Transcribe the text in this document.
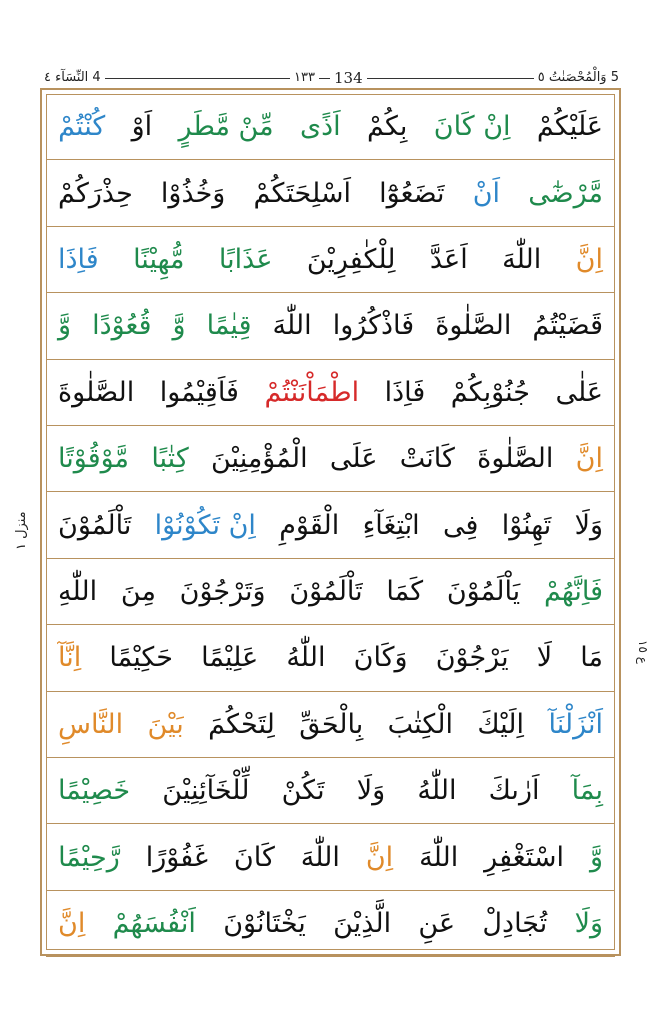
5 وَالْمُحْصَنٰتُ ٥
١٣٣ 134
4 النِّسَآء ٤
منزل ١
ع ١٥
عَلَيْكُمْ
اِنْ كَانَ
بِكُمْ
اَذًى
مِّنْ مَّطَرٍ
اَوْ
كُنْتُمْ
مَّرْضٰٓى
اَنْ
تَضَعُوْٓا
اَسْلِحَتَكُمْ
وَخُذُوْا
حِذْرَكُمْ
اِنَّ
اللّٰهَ
اَعَدَّ
لِلْكٰفِرِيْنَ
عَذَابًا
مُّهِيْنًا
فَاِذَا
قَضَيْتُمُ
الصَّلٰوةَ
فَاذْكُرُوا
اللّٰهَ
قِيٰمًا
وَّ
قُعُوْدًا
وَّ
عَلٰى
جُنُوْبِكُمْ
فَاِذَا
اطْمَاْنَنْتُمْ
فَاَقِيْمُوا
الصَّلٰوةَ
اِنَّ
الصَّلٰوةَ
كَانَتْ
عَلَى
الْمُؤْمِنِيْنَ
كِتٰبًا
مَّوْقُوْتًا
وَلَا
تَهِنُوْا
فِى
ابْتِغَآءِ
الْقَوْمِ
اِنْ تَكُوْنُوْا
تَاْلَمُوْنَ
فَاِنَّهُمْ
يَاْلَمُوْنَ
كَمَا
تَاْلَمُوْنَ
وَتَرْجُوْنَ
مِنَ
اللّٰهِ
مَا
لَا
يَرْجُوْنَ
وَكَانَ
اللّٰهُ
عَلِيْمًا
حَكِيْمًا
اِنَّآ
اَنْزَلْنَآ
اِلَيْكَ
الْكِتٰبَ
بِالْحَقِّ
لِتَحْكُمَ
بَيْنَ
النَّاسِ
بِمَآ
اَرٰىكَ
اللّٰهُ
وَلَا
تَكُنْ
لِّلْخَآئِنِيْنَ
خَصِيْمًا
وَّ
اسْتَغْفِرِ
اللّٰهَ
اِنَّ
اللّٰهَ
كَانَ
غَفُوْرًا
رَّحِيْمًا
وَلَا
تُجَادِلْ
عَنِ
الَّذِيْنَ
يَخْتَانُوْنَ
اَنْفُسَهُمْ
اِنَّ
